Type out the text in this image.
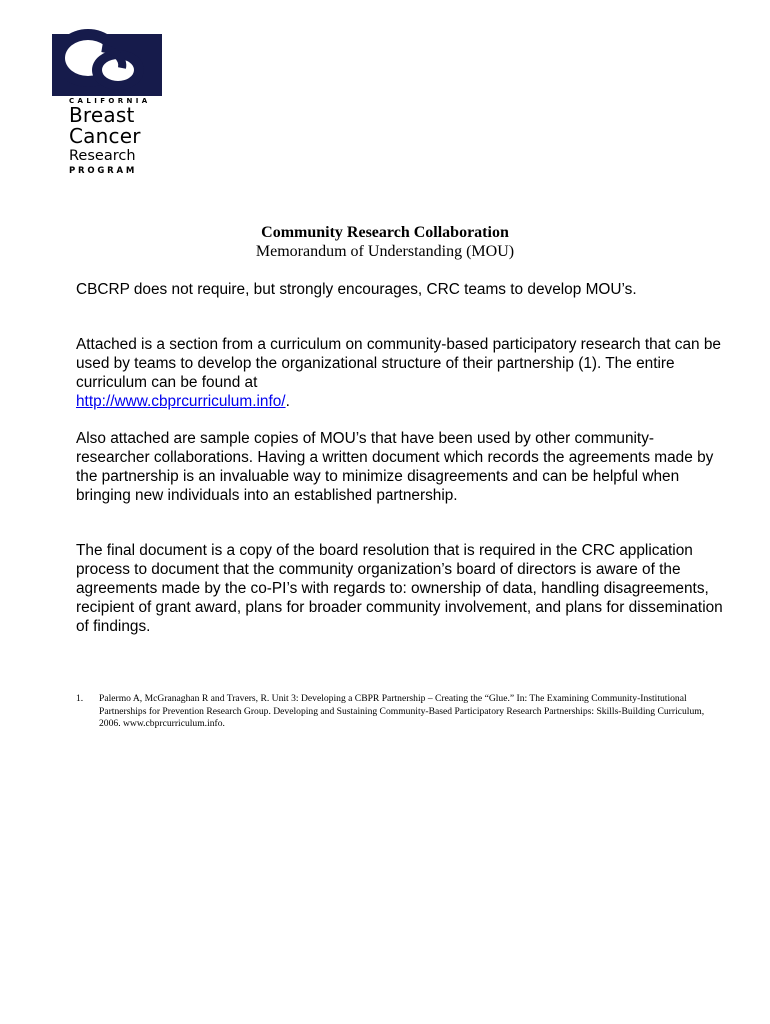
CALIFORNIA
Breast
Cancer
Research
PROGRAM
Community Research Collaboration
Memorandum of Understanding (MOU)

CBCRP does not require, but strongly encourages, CRC teams to develop MOU’s.

Attached is a section from a curriculum on community-based participatory research that can be used by teams to develop the organizational structure of their partnership (1). The entire curriculum can be found at
http://www.cbprcurriculum.info/.

Also attached are sample copies of MOU’s that have been used by other community-researcher collaborations. Having a written document which records the agreements made by the partnership is an invaluable way to minimize disagreements and can be helpful when bringing new individuals into an established partnership.

The final document is a copy of the board resolution that is required in the CRC application process to document that the community organization’s board of directors is aware of the agreements made by the co-PI’s with regards to: ownership of data, handling disagreements, recipient of grant award, plans for broader community involvement, and plans for dissemination of findings.

1. Palermo A, McGranaghan R and Travers, R. Unit 3: Developing a CBPR Partnership – Creating the “Glue.” In: The Examining Community-Institutional Partnerships for Prevention Research Group. Developing and Sustaining Community-Based Participatory Research Partnerships: Skills-Building Curriculum, 2006. www.cbprcurriculum.info.
